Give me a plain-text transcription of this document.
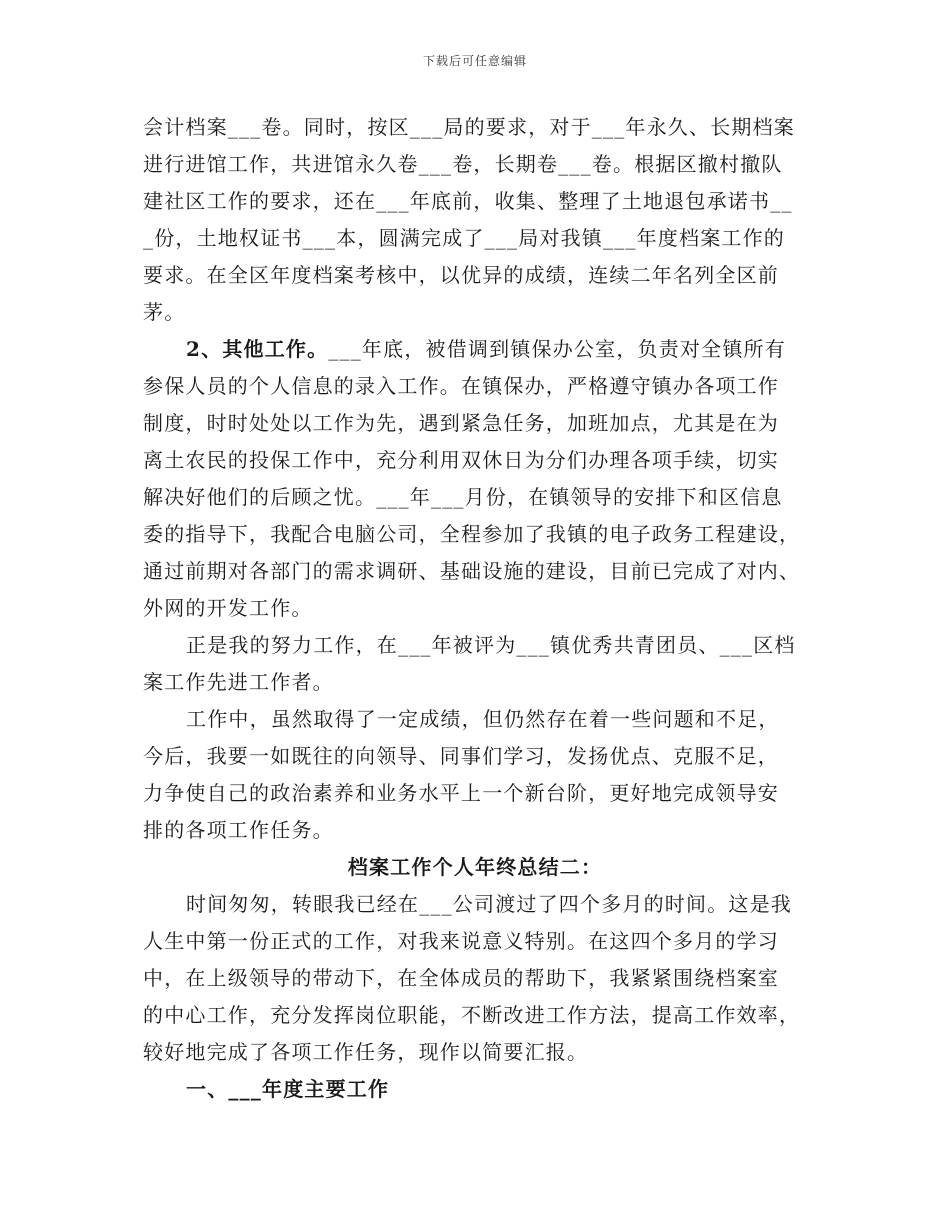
下载后可任意编辑
会计档案___卷。同时，按区___局的要求，对于___年永久、长期档案
进行进馆工作，共进馆永久卷___卷，长期卷___卷。根据区撤村撤队
建社区工作的要求，还在___年底前，收集、整理了土地退包承诺书__
_份，土地权证书___本，圆满完成了___局对我镇___年度档案工作的
要求。在全区年度档案考核中，以优异的成绩，连续二年名列全区前
茅。
2、其他工作。___年底，被借调到镇保办公室，负责对全镇所有
参保人员的个人信息的录入工作。在镇保办，严格遵守镇办各项工作
制度，时时处处以工作为先，遇到紧急任务，加班加点，尤其是在为
离土农民的投保工作中，充分利用双休日为分们办理各项手续，切实
解决好他们的后顾之忧。___年___月份，在镇领导的安排下和区信息
委的指导下，我配合电脑公司，全程参加了我镇的电子政务工程建设，
通过前期对各部门的需求调研、基础设施的建设，目前已完成了对内、
外网的开发工作。
正是我的努力工作，在___年被评为___镇优秀共青团员、___区档
案工作先进工作者。
工作中，虽然取得了一定成绩，但仍然存在着一些问题和不足，
今后，我要一如既往的向领导、同事们学习，发扬优点、克服不足，
力争使自己的政治素养和业务水平上一个新台阶，更好地完成领导安
排的各项工作任务。
档案工作个人年终总结二：
时间匆匆，转眼我已经在___公司渡过了四个多月的时间。这是我
人生中第一份正式的工作，对我来说意义特别。在这四个多月的学习
中，在上级领导的带动下，在全体成员的帮助下，我紧紧围绕档案室
的中心工作，充分发挥岗位职能，不断改进工作方法，提高工作效率，
较好地完成了各项工作任务，现作以简要汇报。
一、___年度主要工作
